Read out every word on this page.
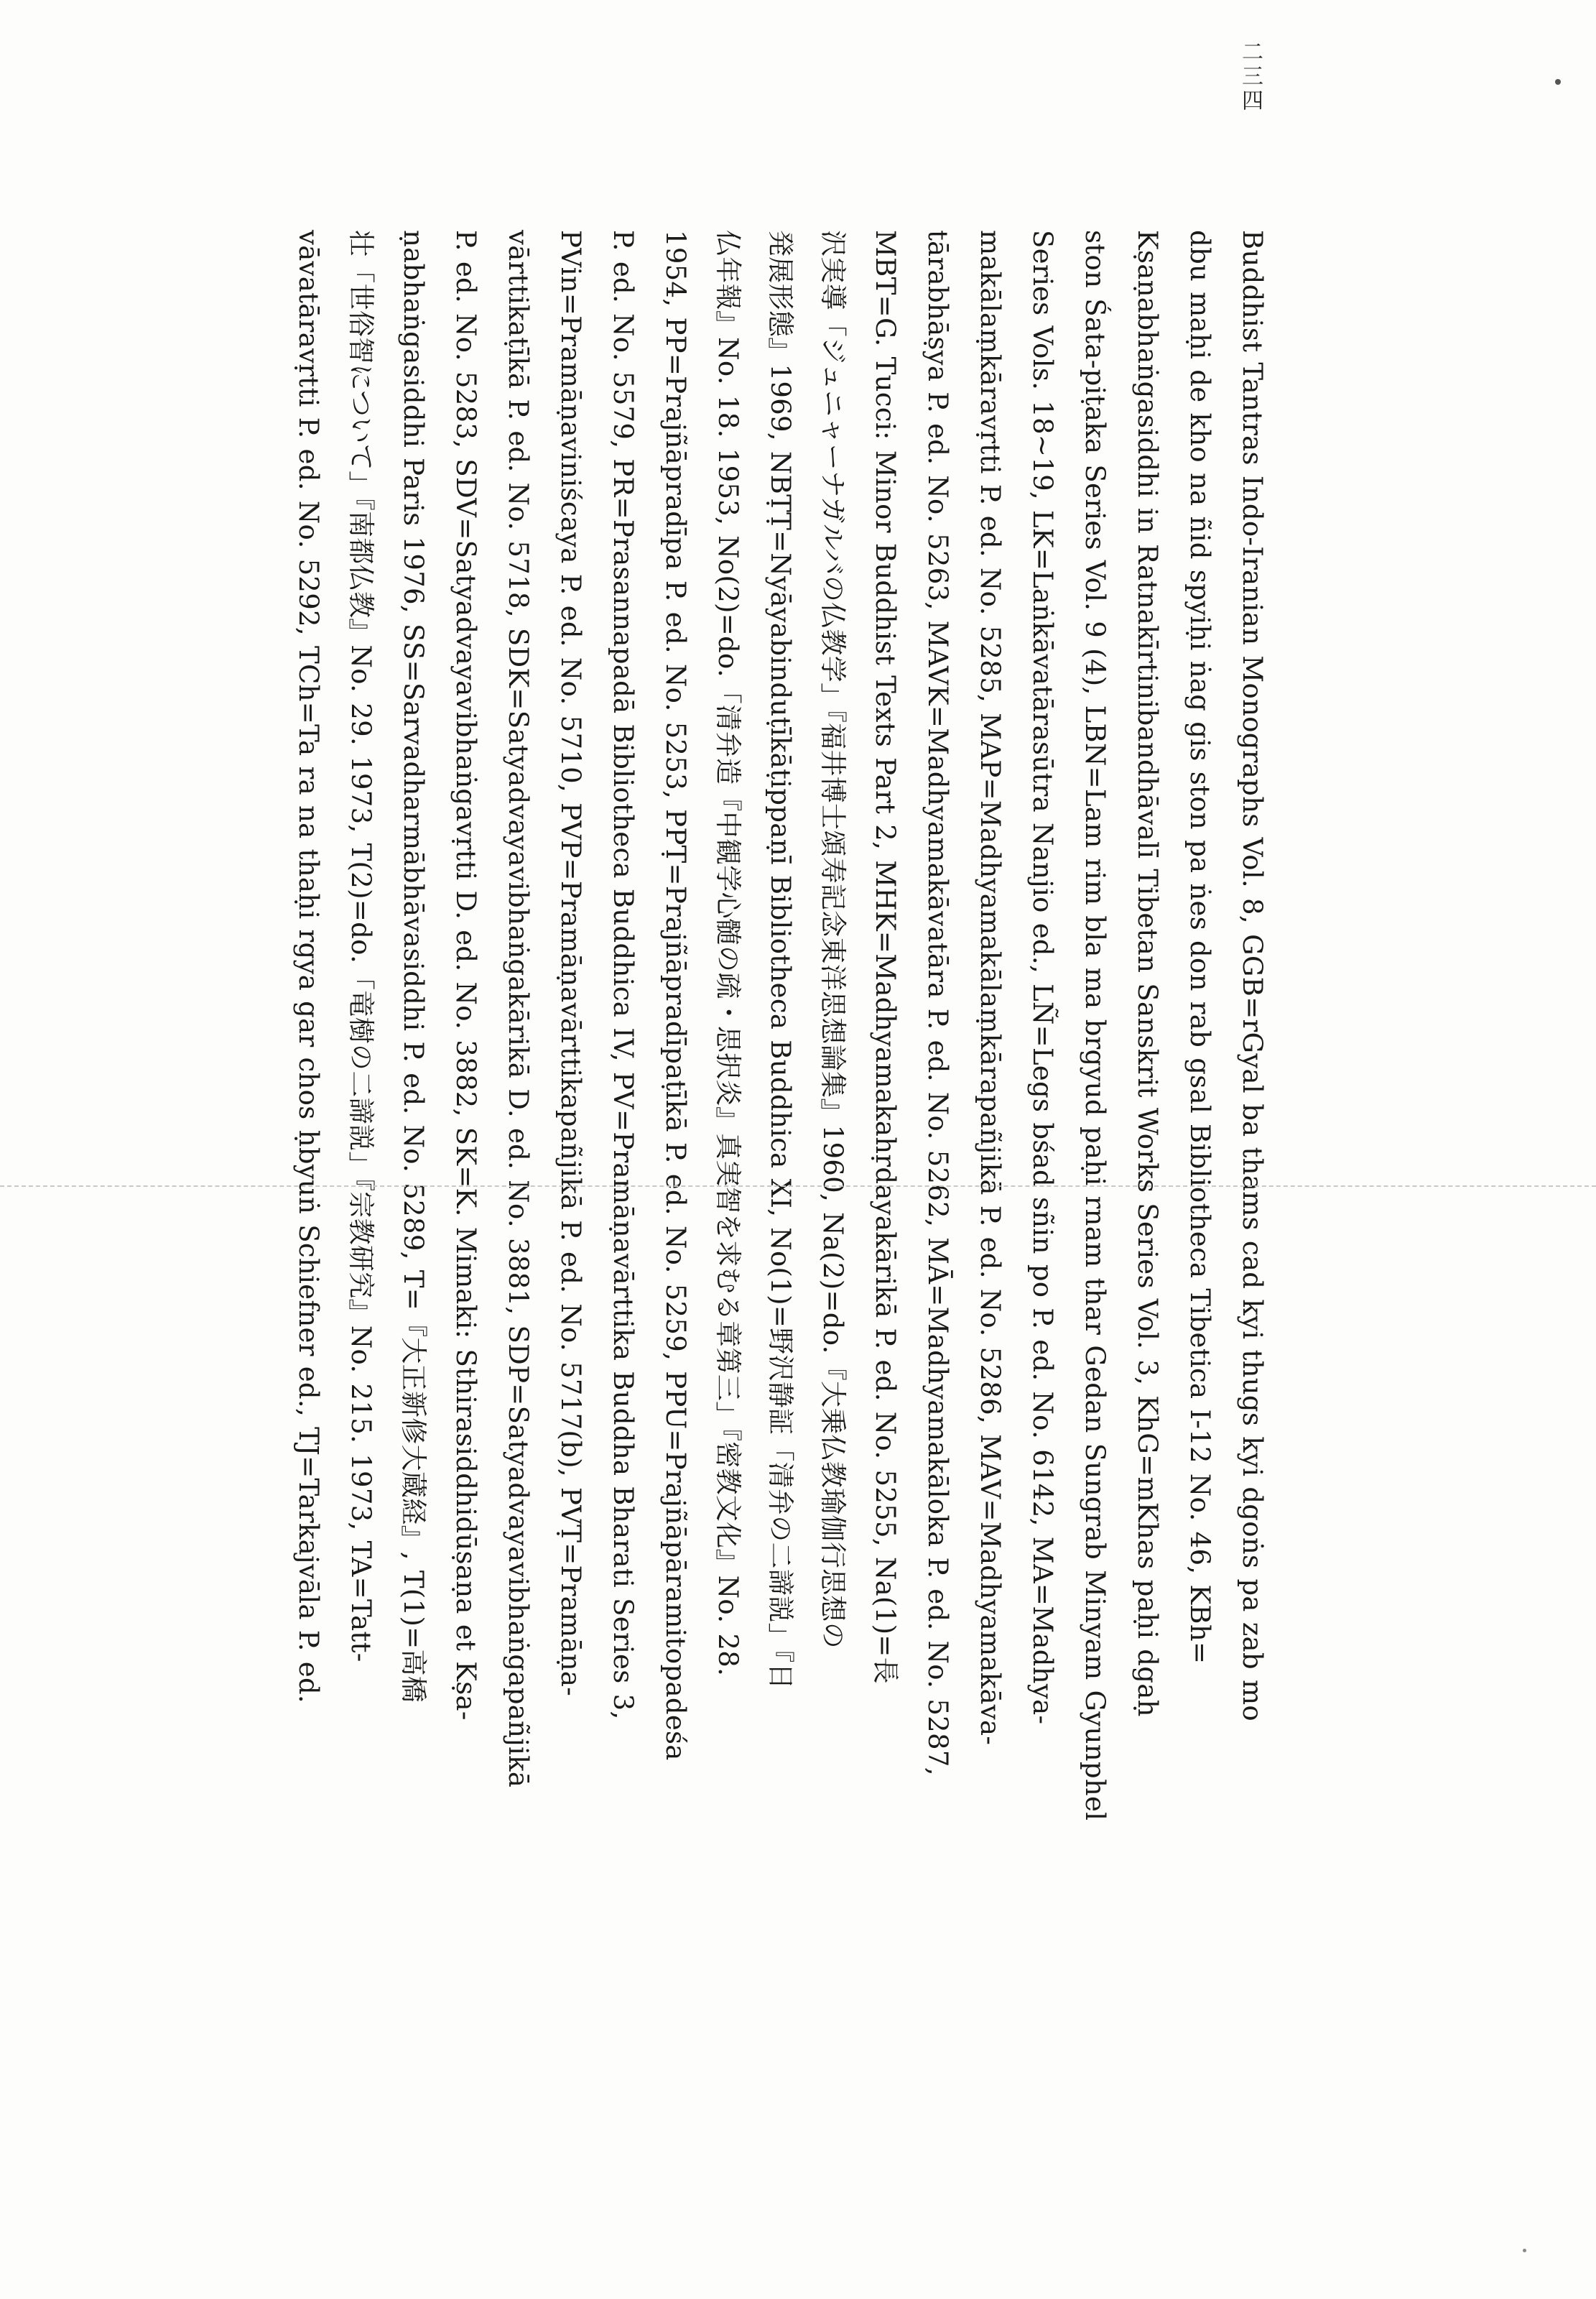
二三四
Buddhist Tantras Indo-Iranian Monographs Vol. 8, GGB=rGyal ba thams cad kyi thugs kyi dgoṅs pa zab mo
dbu maḥi de kho na ñid spyiḥi ṅag gis ston pa ṅes don rab gsal Bibliotheca Tibetica I-12 No. 46, KBh=
Kṣaṇabhaṅgasiddhi in Ratnakīrtinibandhāvalī Tibetan Sanskrit Works Series Vol. 3, KhG=mKhas paḥi dgaḥ
ston Śata-piṭaka Series Vol. 9 (4), LBN=Lam rim bla ma brgyud paḥi rnam thar Gedan Sungrab Minyam Gyunphel
Series Vols. 18∼19, LK=Laṅkāvatārasūtra Nanjio ed., LÑ=Legs bśad sñin po P. ed. No. 6142, MA=Madhya-
makālaṃkāravṛtti P. ed. No. 5285, MAP=Madhyamakālaṃkārapañjikā P. ed. No. 5286, MAV=Madhyamakāva-
tārabhāṣya P. ed. No. 5263, MAVK=Madhyamakāvatāra P. ed. No. 5262, MĀ=Madhyamakāloka P. ed. No. 5287,
MBT=G. Tucci: Minor Buddhist Texts Part 2, MHK=Madhyamakahṛdayakārikā P. ed. No. 5255, Na(1)=長
沢実導「ジュニャーナガルバの仏教学」『福井博士頌寿記念東洋思想論集』1960, Na(2)=do.『大乗仏教瑜伽行思想の
発展形態』1969, NBṬṬ=Nyāyabinduṭīkāṭippaṇī Bibliotheca Buddhica XI, No(1)=野沢静証「清弁の二諦説」『日
仏年報』No. 18. 1953, No(2)=do.「清弁造『中観学心髄の疏・思択炎』真実智を求むる章第三」『密教文化』No. 28.
1954, PP=Prajñāpradīpa P. ed. No. 5253, PPṬ=Prajñāpradīpaṭīkā P. ed. No. 5259, PPU=Prajñāpāramitopadeśa
P. ed. No. 5579, PR=Prasannapadā Bibliotheca Buddhica IV, PV=Pramāṇavārttika Buddha Bharati Series 3,
PVin=Pramāṇaviniścaya P. ed. No. 5710, PVP=Pramāṇavārttikapañjikā P. ed. No. 5717(b), PVṬ=Pramāṇa-
vārttikaṭīkā P. ed. No. 5718, SDK=Satyadvayavibhaṅgakārikā D. ed. No. 3881, SDP=Satyadvayavibhaṅgapañjikā
P. ed. No. 5283, SDV=Satyadvayavibhaṅgavṛtti D. ed. No. 3882, SK=K. Mimaki: Sthirasiddhidūṣaṇa et Kṣa-
ṇabhaṅgasiddhi Paris 1976, SS=Sarvadharmābhāvasiddhi P. ed. No. 5289, T=『大正新修大蔵経』, T(1)=高橋
壮「世俗智について」『南都仏教』No. 29. 1973, T(2)=do.「竜樹の二諦説」『宗教研究』No. 215. 1973, TA=Tatt-
vāvatāravṛtti P. ed. No. 5292, TCh=Ta ra na thaḥi rgya gar chos ḥbyuṅ Schiefner ed., TJ=Tarkajvāla P. ed.
